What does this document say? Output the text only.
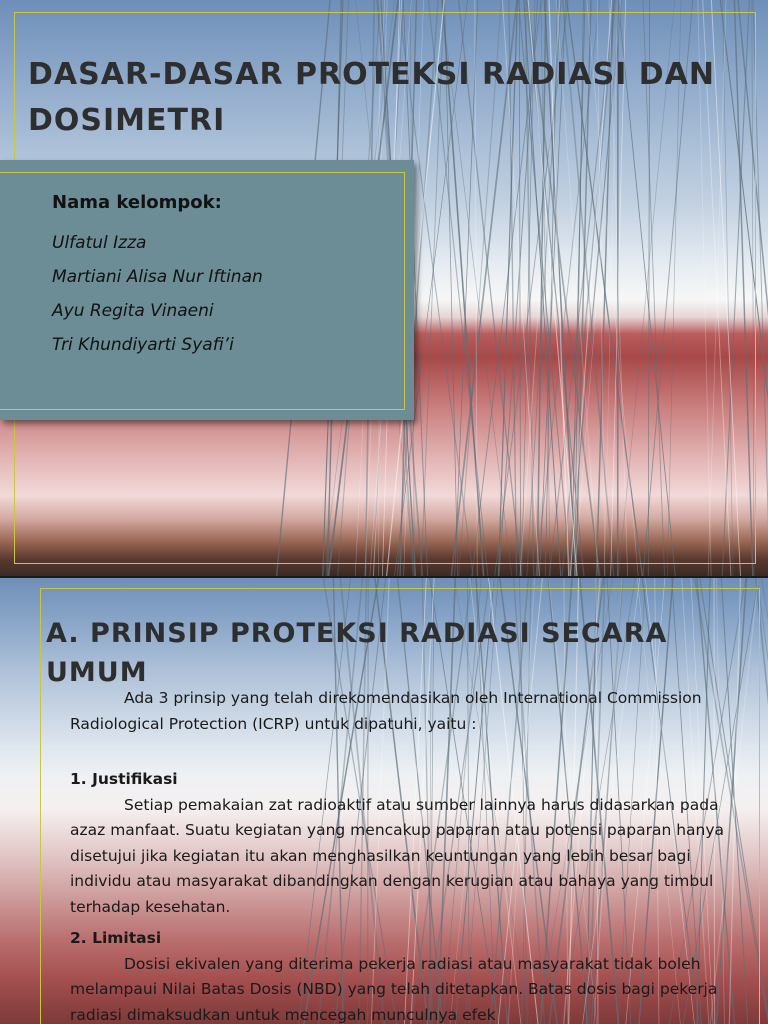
DASAR-DASAR PROTEKSI RADIASI DAN DOSIMETRI

Nama kelompok:

Ulfatul Izza
Martiani Alisa Nur Iftinan
Ayu Regita Vinaeni
Tri Khundiyarti Syafi’i
A. PRINSIP PROTEKSI RADIASI SECARA UMUM

Ada 3 prinsip yang telah direkomendasikan oleh International Commission Radiological Protection (ICRP) untuk dipatuhi, yaitu :

1. Justifikasi

Setiap pemakaian zat radioaktif atau sumber lainnya harus didasarkan pada azaz manfaat. Suatu kegiatan yang mencakup paparan atau potensi paparan hanya disetujui jika kegiatan itu akan menghasilkan keuntungan yang lebih besar bagi individu atau masyarakat dibandingkan dengan kerugian atau bahaya yang timbul terhadap kesehatan.

2. Limitasi

Dosisi ekivalen yang diterima pekerja radiasi atau masyarakat tidak boleh melampaui Nilai Batas Dosis (NBD) yang telah ditetapkan. Batas dosis bagi pekerja radiasi dimaksudkan untuk mencegah munculnya efek
